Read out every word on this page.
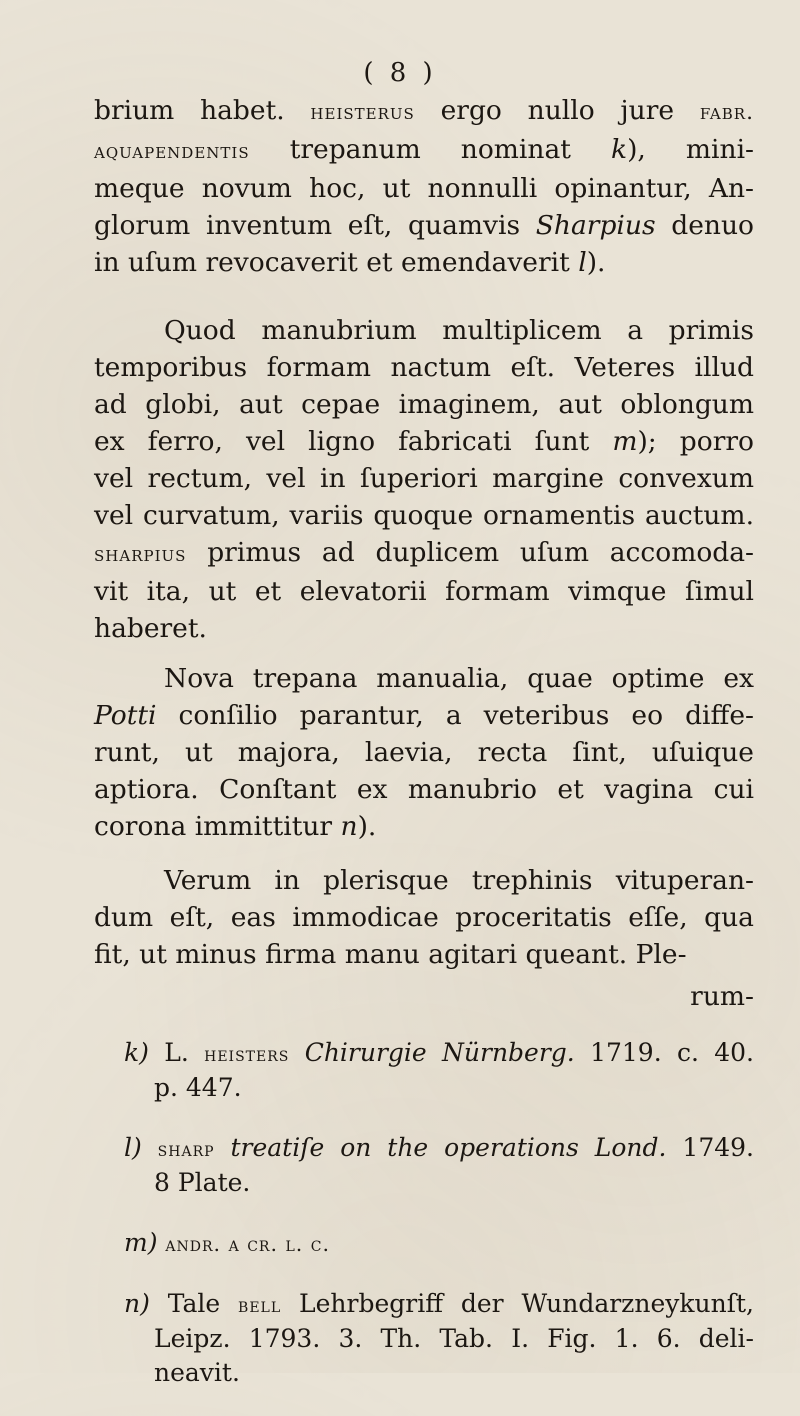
( 8 )
brium habet. heisterus ergo nullo jure fabr.
aquapendentis trepanum nominat k), mini-
meque novum hoc, ut nonnulli opinantur, An-
glorum inventum eſt, quamvis Sharpius denuo
in uſum revocaverit et emendaverit l).
Quod manubrium multiplicem a primis
temporibus formam nactum eſt. Veteres illud
ad globi, aut cepae imaginem, aut oblongum
ex ferro, vel ligno fabricati ſunt m); porro
vel rectum, vel in ſuperiori margine convexum
vel curvatum, variis quoque ornamentis auctum.
sharpius primus ad duplicem uſum accomoda-
vit ita, ut et elevatorii formam vimque ſimul
haberet.
Nova trepana manualia, quae optime ex
Potti conſilio parantur, a veteribus eo diffe-
runt, ut majora, laevia, recta ſint, uſuique
aptiora. Conſtant ex manubrio et vagina cui
corona immittitur n).
Verum in plerisque trephinis vituperan-
dum eſt, eas immodicae proceritatis eſſe, qua
fit, ut minus firma manu agitari queant. Ple-
rum-
k) L. heisters Chirurgie Nürnberg. 1719. c. 40.
p. 447.
l) sharp treatiſe on the operations Lond. 1749.
8 Plate.
m) andr. a cr. l. c.
n) Tale bell Lehrbegriff der Wundarzneykunſt,
Leipz. 1793. 3. Th. Tab. I. Fig. 1. 6. deli-
neavit.
